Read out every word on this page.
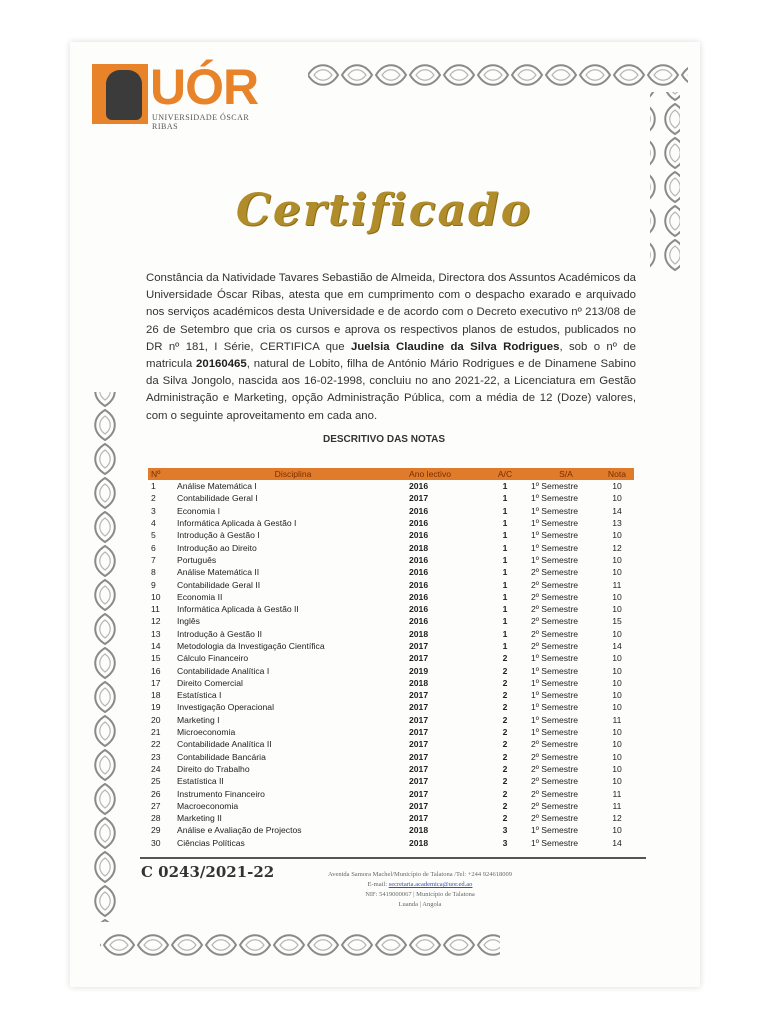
UÓR
UNIVERSIDADE ÓSCAR RIBAS
Certificado
Constância da Natividade Tavares Sebastião de Almeida, Directora dos Assuntos Académicos da Universidade Óscar Ribas, atesta que em cumprimento com o despacho exarado e arquivado nos serviços académicos desta Universidade e de acordo com o Decreto executivo nº 213/08 de 26 de Setembro que cria os cursos e aprova os respectivos planos de estudos, publicados no DR nº 181, I Série, CERTIFICA que Juelsia Claudine da Silva Rodrigues, sob o nº de matricula 20160465, natural de Lobito, filha de António Mário Rodrigues e de Dinamene Sabino da Silva Jongolo, nascida aos 16-02-1998, concluiu no ano 2021-22, a Licenciatura em Gestão Administração e Marketing, opção Administração Pública, com a média de 12 (Doze) valores, com o seguinte aproveitamento em cada ano.
DESCRITIVO DAS NOTAS
Nº	Disciplina	Ano lectivo	A/C	S/A	Nota
1	Análise Matemática I	2016	1	1º Semestre	10
2	Contabilidade Geral I	2017	1	1º Semestre	10
3	Economia I	2016	1	1º Semestre	14
4	Informática Aplicada à Gestão I	2016	1	1º Semestre	13
5	Introdução à Gestão I	2016	1	1º Semestre	10
6	Introdução ao Direito	2018	1	1º Semestre	12
7	Português	2016	1	1º Semestre	10
8	Análise Matemática II	2016	1	2º Semestre	10
9	Contabilidade Geral II	2016	1	2º Semestre	11
10	Economia II	2016	1	2º Semestre	10
11	Informática Aplicada à Gestão II	2016	1	2º Semestre	10
12	Inglês	2016	1	2º Semestre	15
13	Introdução à Gestão II	2018	1	2º Semestre	10
14	Metodologia da Investigação Científica	2017	1	2º Semestre	14
15	Cálculo Financeiro	2017	2	1º Semestre	10
16	Contabilidade Analítica I	2019	2	1º Semestre	10
17	Direito Comercial	2018	2	1º Semestre	10
18	Estatística I	2017	2	1º Semestre	10
19	Investigação Operacional	2017	2	1º Semestre	10
20	Marketing I	2017	2	1º Semestre	11
21	Microeconomia	2017	2	1º Semestre	10
22	Contabilidade Analítica II	2017	2	2º Semestre	10
23	Contabilidade Bancária	2017	2	2º Semestre	10
24	Direito do Trabalho	2017	2	2º Semestre	10
25	Estatística II	2017	2	2º Semestre	10
26	Instrumento Financeiro	2017	2	2º Semestre	11
27	Macroeconomia	2017	2	2º Semestre	11
28	Marketing II	2017	2	2º Semestre	12
29	Análise e Avaliação de Projectos	2018	3	1º Semestre	10
30	Ciências Políticas	2018	3	1º Semestre	14
C 0243/2021-22	Avenida Samora Machel/Município de Talatona /Tel: +244 924618009
E-mail: secretaria.academica@uor.ed.ao
NIF: 5419000067 | Município de Talatona
Luanda | Angola
